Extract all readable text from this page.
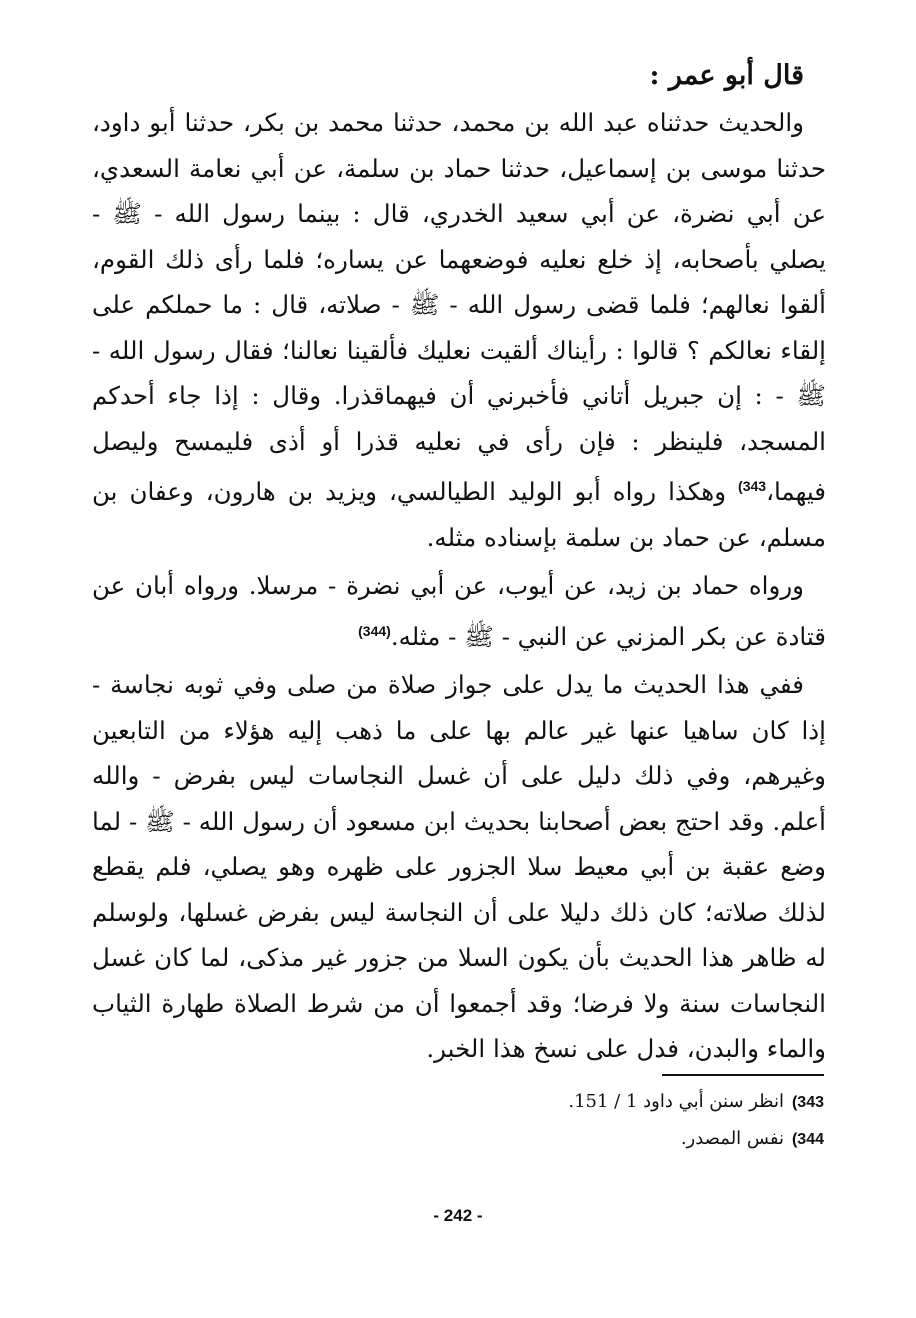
قال أبو عمر :

والحديث حدثناه عبد الله بن محمد، حدثنا محمد بن بكر، حدثنا أبو داود، حدثنا موسى بن إسماعيل، حدثنا حماد بن سلمة، عن أبي نعامة السعدي، عن أبي نضرة، عن أبي سعيد الخدري، قال : بينما رسول الله - ﷺ - يصلي بأصحابه، إذ خلع نعليه فوضعهما عن يساره؛ فلما رأى ذلك القوم، ألقوا نعالهم؛ فلما قضى رسول الله - ﷺ - صلاته، قال : ما حملكم على إلقاء نعالكم ؟ قالوا : رأيناك ألقيت نعليك فألقينا نعالنا؛ فقال رسول الله - ﷺ - : إن جبريل أتاني فأخبرني أن فيهماقذرا. وقال : إذا جاء أحدكم المسجد، فلينظر : فإن رأى في نعليه قذرا أو أذى فليمسح وليصل فيهما،$^{(343}$ وهكذا رواه أبو الوليد الطيالسي، ويزيد بن هارون، وعفان بن مسلم، عن حماد بن سلمة بإسناده مثله.

ورواه حماد بن زيد، عن أيوب، عن أبي نضرة - مرسلا. ورواه أبان عن قتادة عن بكر المزني عن النبي - ﷺ - مثله.$^{(344)}$

ففي هذا الحديث ما يدل على جواز صلاة من صلى وفي ثوبه نجاسة - إذا كان ساهيا عنها غير عالم بها على ما ذهب إليه هؤلاء من التابعين وغيرهم، وفي ذلك دليل على أن غسل النجاسات ليس بفرض - والله أعلم. وقد احتج بعض أصحابنا بحديث ابن مسعود أن رسول الله - ﷺ - لما وضع عقبة بن أبي معيط سلا الجزور على ظهره وهو يصلي، فلم يقطع لذلك صلاته؛ كان ذلك دليلا على أن النجاسة ليس بفرض غسلها، ولوسلم له ظاهر هذا الحديث بأن يكون السلا من جزور غير مذكى، لما كان غسل النجاسات سنة ولا فرضا؛ وقد أجمعوا أن من شرط الصلاة طهارة الثياب والماء والبدن، فدل على نسخ هذا الخبر.

(343انظر سنن أبي داود 1 / 151.
(344نفس المصدر.
- 242 -
